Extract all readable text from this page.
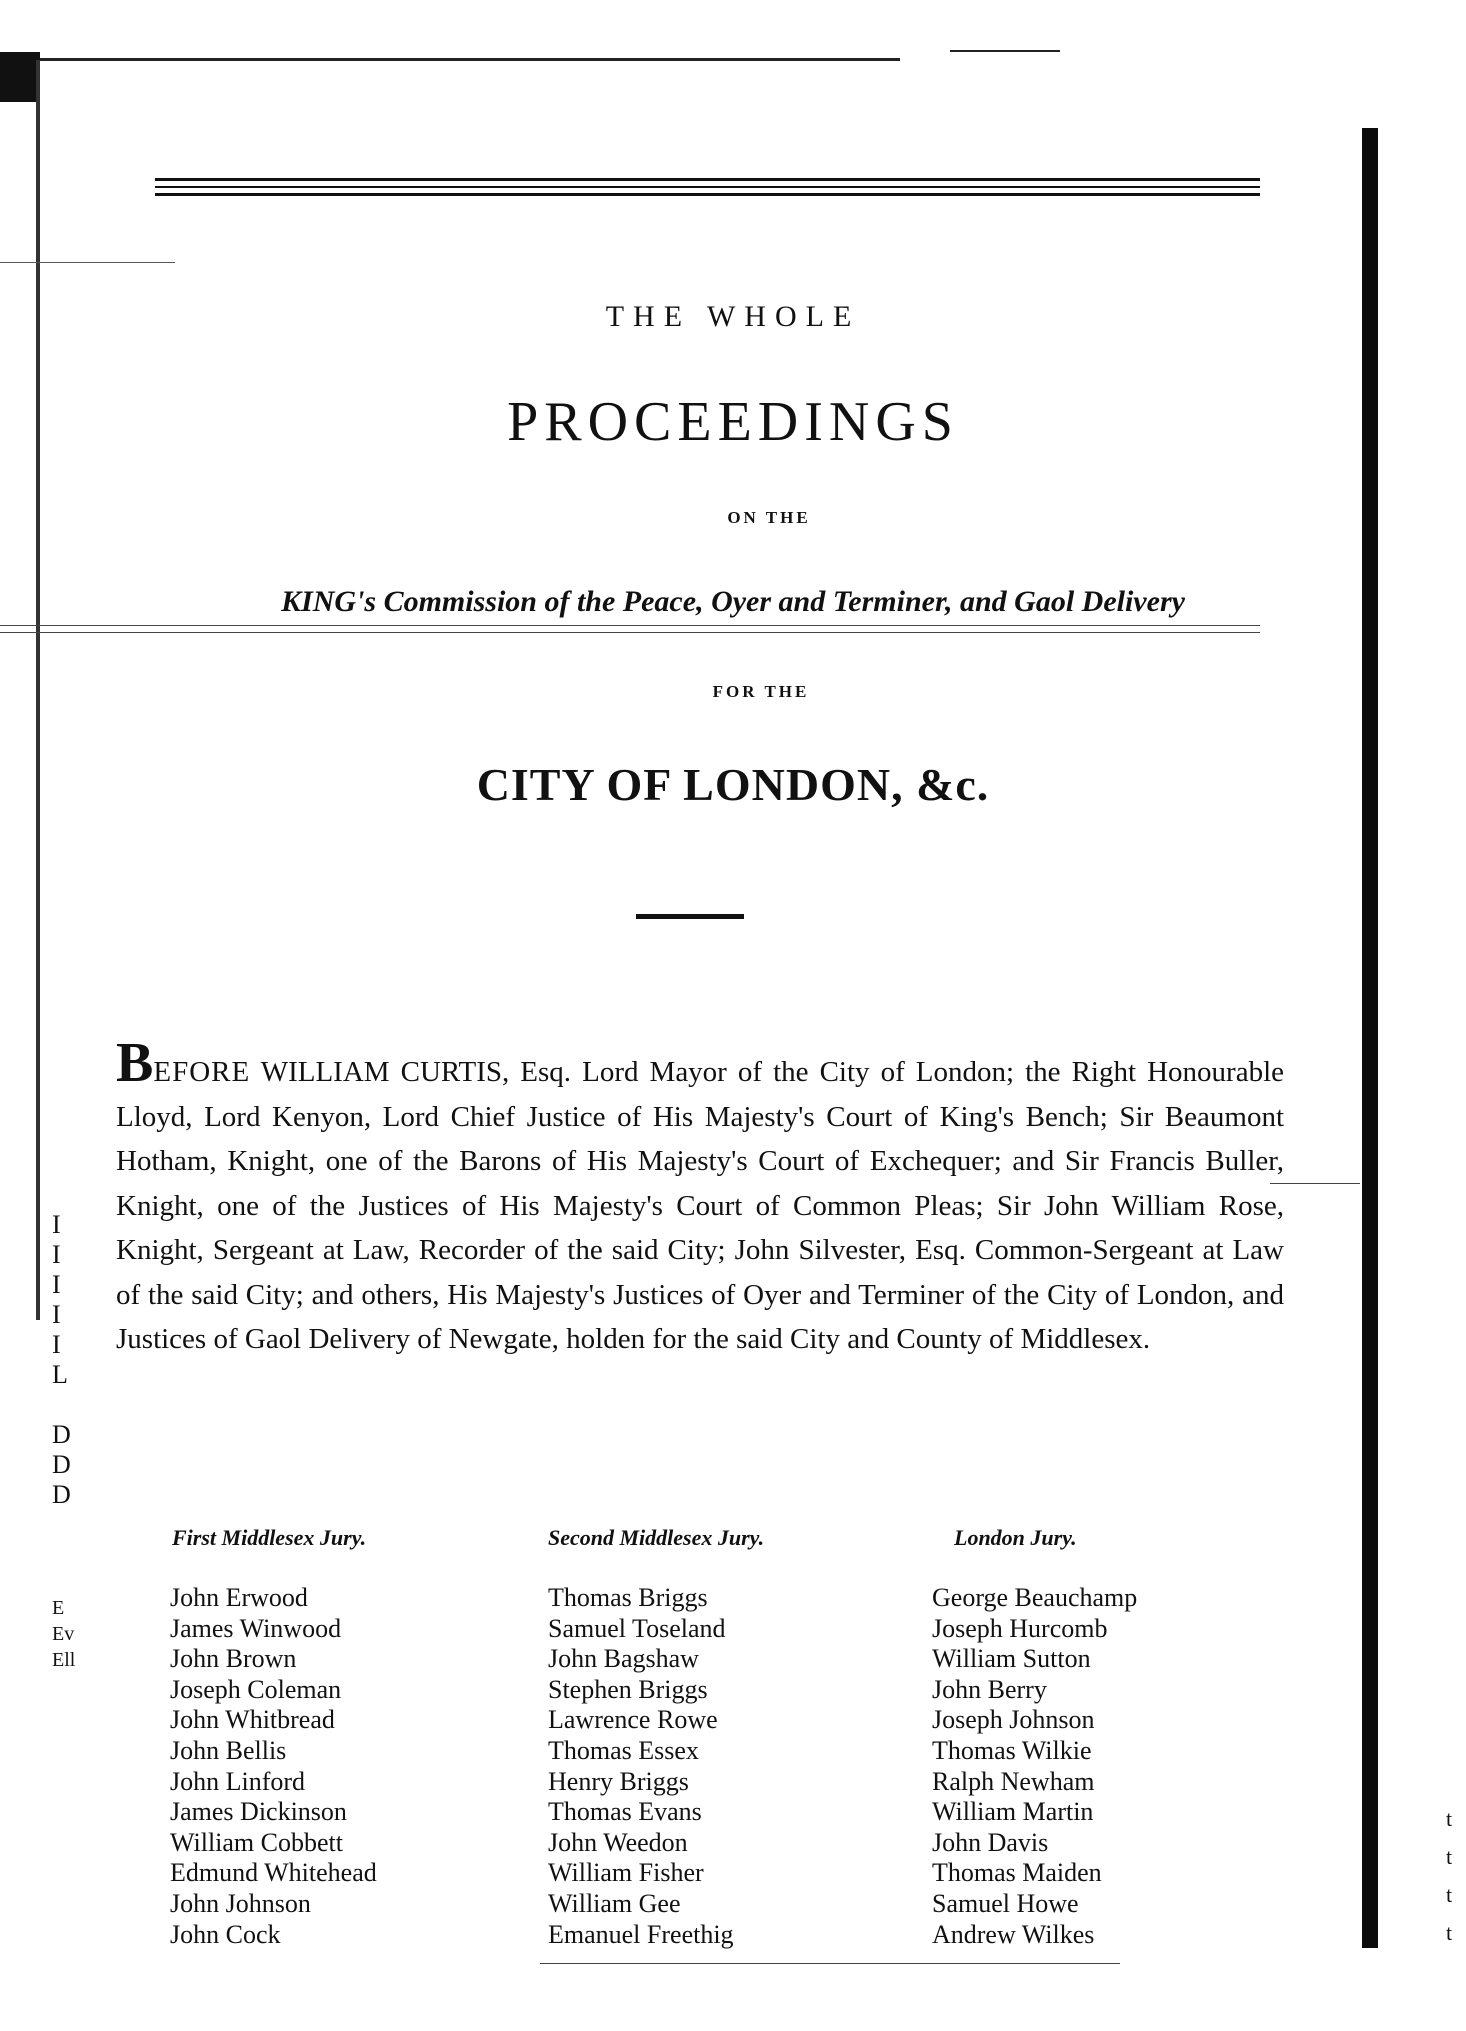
THE WHOLE
PROCEEDINGS
ON THE
KING's Commission of the Peace, Oyer and Terminer, and Gaol Delivery
FOR THE
CITY OF LONDON, &c.
BEFORE WILLIAM CURTIS, Esq. Lord Mayor of the City of London; the Right Honourable Lloyd, Lord Kenyon, Lord Chief Justice of His Majesty's Court of King's Bench; Sir Beaumont Hotham, Knight, one of the Barons of His Majesty's Court of Exchequer; and Sir Francis Buller, Knight, one of the Justices of His Majesty's Court of Common Pleas; Sir John William Rose, Knight, Sergeant at Law, Recorder of the said City; John Silvester, Esq. Common-Sergeant at Law of the said City; and others, His Majesty's Justices of Oyer and Terminer of the City of London, and Justices of Gaol Delivery of Newgate, holden for the said City and County of Middlesex.
First Middlesex Jury.
John Erwood
James Winwood
John Brown
Joseph Coleman
John Whitbread
John Bellis
John Linford
James Dickinson
William Cobbett
Edmund Whitehead
John Johnson
John Cock
Second Middlesex Jury.
Thomas Briggs
Samuel Toseland
John Bagshaw
Stephen Briggs
Lawrence Rowe
Thomas Essex
Henry Briggs
Thomas Evans
John Weedon
William Fisher
William Gee
Emanuel Freethig
London Jury.
George Beauchamp
Joseph Hurcomb
William Sutton
John Berry
Joseph Johnson
Thomas Wilkie
Ralph Newham
William Martin
John Davis
Thomas Maiden
Samuel Howe
Andrew Wilkes
I
I
I
I
I
L
D
D
D
E
Ev
Ell
t
t
t
t
